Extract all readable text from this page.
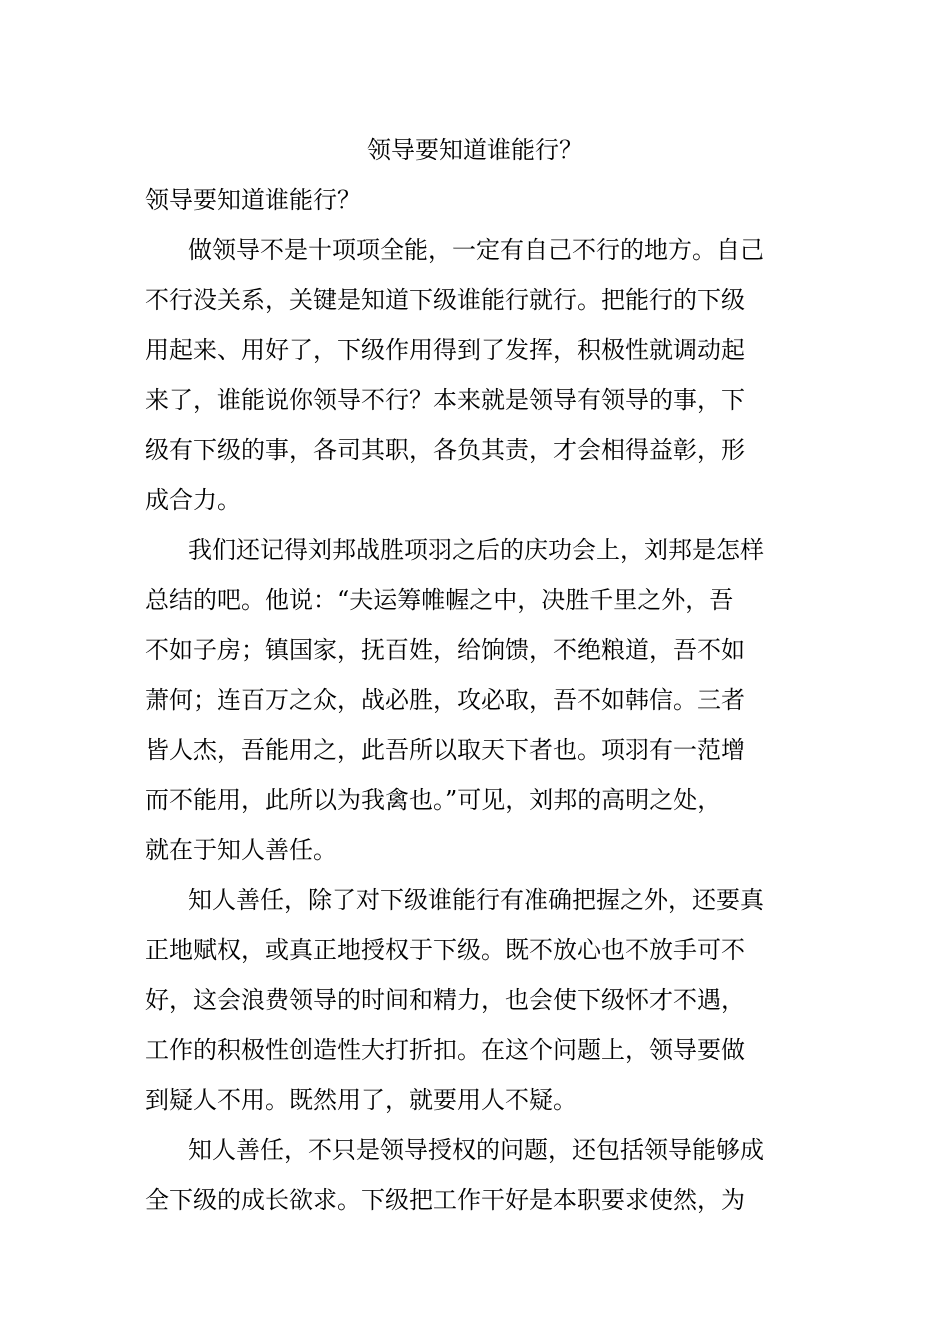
领导要知道谁能行？

领导要知道谁能行？

做领导不是十项项全能，一定有自己不行的地方。自己
不行没关系，关键是知道下级谁能行就行。把能行的下级
用起来、用好了，下级作用得到了发挥，积极性就调动起
来了，谁能说你领导不行？本来就是领导有领导的事，下
级有下级的事，各司其职，各负其责，才会相得益彰，形
成合力。
我们还记得刘邦战胜项羽之后的庆功会上，刘邦是怎样
总结的吧。他说：“夫运筹帷幄之中，决胜千里之外，吾
不如子房；镇国家，抚百姓，给饷馈，不绝粮道，吾不如
萧何；连百万之众，战必胜，攻必取，吾不如韩信。三者
皆人杰，吾能用之，此吾所以取天下者也。项羽有一范增
而不能用，此所以为我禽也。”可见，刘邦的高明之处，
就在于知人善任。
知人善任，除了对下级谁能行有准确把握之外，还要真
正地赋权，或真正地授权于下级。既不放心也不放手可不
好，这会浪费领导的时间和精力，也会使下级怀才不遇，
工作的积极性创造性大打折扣。在这个问题上，领导要做
到疑人不用。既然用了，就要用人不疑。
知人善任，不只是领导授权的问题，还包括领导能够成
全下级的成长欲求。下级把工作干好是本职要求使然，为
